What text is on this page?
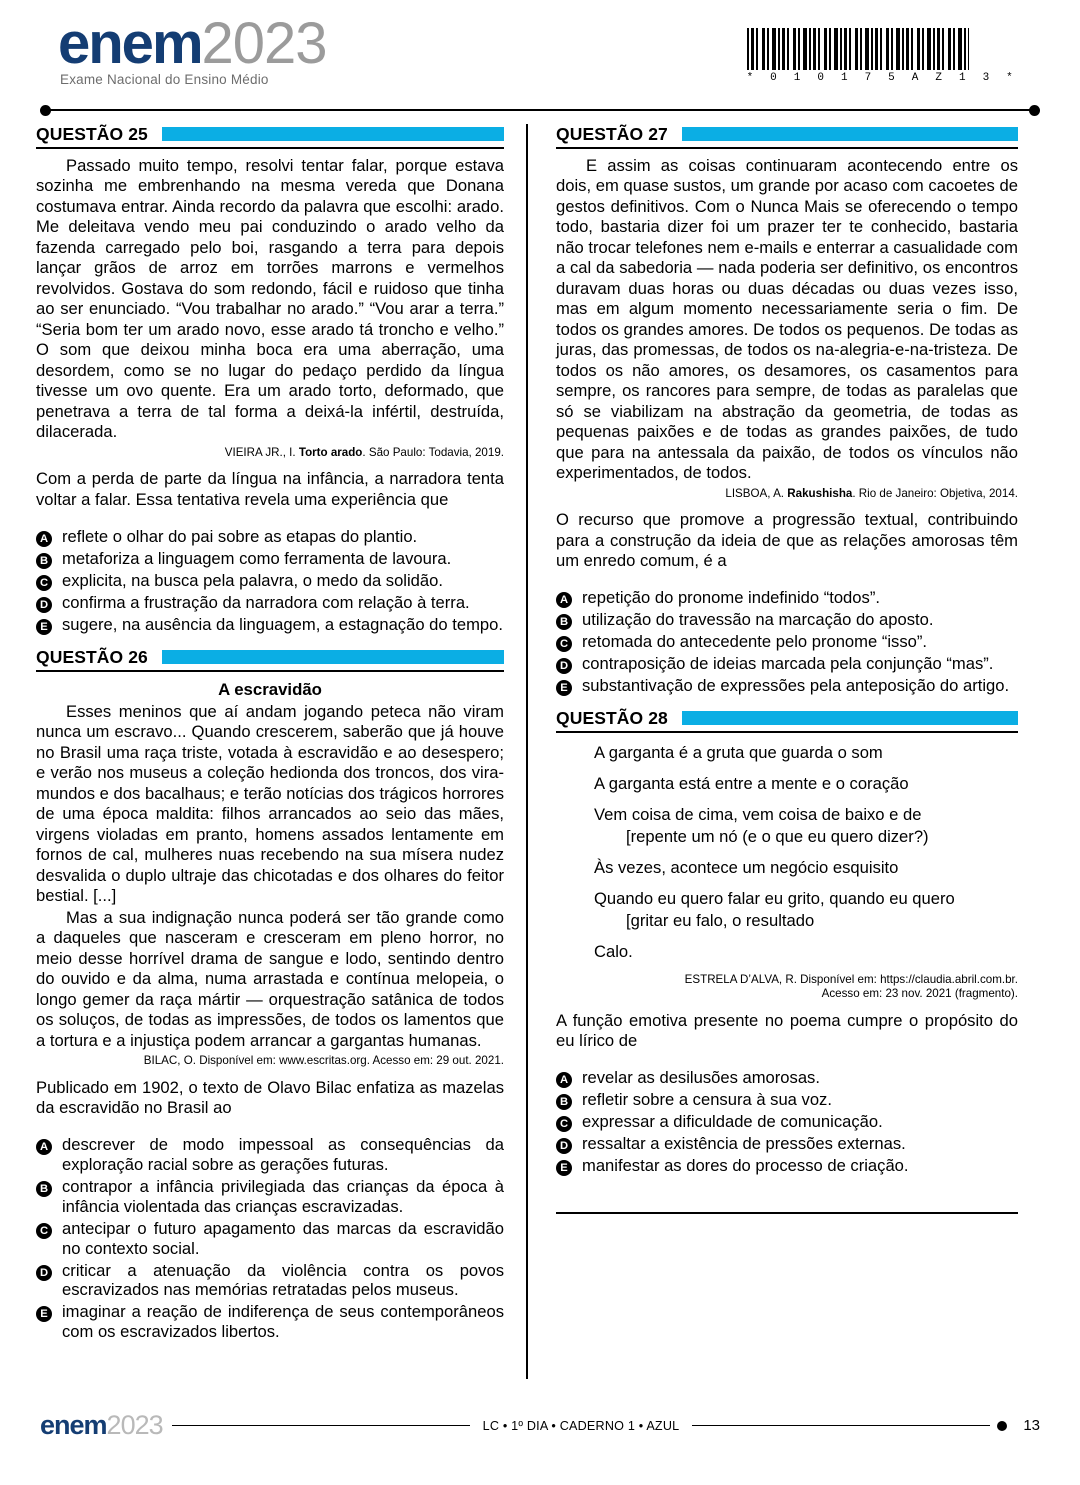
enem2023
Exame Nacional do Ensino Médio	* 0 1 0 1 7 5 A Z 1 3 *
QUESTÃO 25

Passado muito tempo, resolvi tentar falar, porque estava sozinha me embrenhando na mesma vereda que Donana costumava entrar. Ainda recordo da palavra que escolhi: arado. Me deleitava vendo meu pai conduzindo o arado velho da fazenda carregado pelo boi, rasgando a terra para depois lançar grãos de arroz em torrões marrons e vermelhos revolvidos. Gostava do som redondo, fácil e ruidoso que tinha ao ser enunciado. “Vou trabalhar no arado.” “Vou arar a terra.” “Seria bom ter um arado novo, esse arado tá troncho e velho.” O som que deixou minha boca era uma aberração, uma desordem, como se no lugar do pedaço perdido da língua tivesse um ovo quente. Era um arado torto, deformado, que penetrava a terra de tal forma a deixá-la infértil, destruída, dilacerada.

VIEIRA JR., I. Torto arado. São Paulo: Todavia, 2019.

Com a perda de parte da língua na infância, a narradora tenta voltar a falar. Essa tentativa revela uma experiência que

A reflete o olhar do pai sobre as etapas do plantio.
B metaforiza a linguagem como ferramenta de lavoura.
C explicita, na busca pela palavra, o medo da solidão.
D confirma a frustração da narradora com relação à terra.
E sugere, na ausência da linguagem, a estagnação do tempo.
QUESTÃO 26
A escravidão

Esses meninos que aí andam jogando peteca não viram nunca um escravo... Quando crescerem, saberão que já houve no Brasil uma raça triste, votada à escravidão e ao desespero; e verão nos museus a coleção hedionda dos troncos, dos vira-mundos e dos bacalhaus; e terão notícias dos trágicos horrores de uma época maldita: filhos arrancados ao seio das mães, virgens violadas em pranto, homens assados lentamente em fornos de cal, mulheres nuas recebendo na sua mísera nudez desvalida o duplo ultraje das chicotadas e dos olhares do feitor bestial. [...]

Mas a sua indignação nunca poderá ser tão grande como a daqueles que nasceram e cresceram em pleno horror, no meio desse horrível drama de sangue e lodo, sentindo dentro do ouvido e da alma, numa arrastada e contínua melopeia, o longo gemer da raça mártir — orquestração satânica de todos os soluços, de todas as impressões, de todos os lamentos que a tortura e a injustiça podem arrancar a gargantas humanas.

BILAC, O. Disponível em: www.escritas.org. Acesso em: 29 out. 2021.

Publicado em 1902, o texto de Olavo Bilac enfatiza as mazelas da escravidão no Brasil ao

A descrever de modo impessoal as consequências da exploração racial sobre as gerações futuras.
B contrapor a infância privilegiada das crianças da época à infância violentada das crianças escravizadas.
C antecipar o futuro apagamento das marcas da escravidão no contexto social.
D criticar a atenuação da violência contra os povos escravizados nas memórias retratadas pelos museus.
E imaginar a reação de indiferença de seus contemporâneos com os escravizados libertos.
QUESTÃO 27

E assim as coisas continuaram acontecendo entre os dois, em quase sustos, um grande por acaso com cacoetes de gestos definitivos. Com o Nunca Mais se oferecendo o tempo todo, bastaria dizer foi um prazer ter te conhecido, bastaria não trocar telefones nem e-mails e enterrar a casualidade com a cal da sabedoria — nada poderia ser definitivo, os encontros duravam duas horas ou duas décadas ou duas vezes isso, mas em algum momento necessariamente seria o fim. De todos os grandes amores. De todos os pequenos. De todas as juras, das promessas, de todos os na-alegria-e-na-tristeza. De todos os não amores, os desamores, os casamentos para sempre, os rancores para sempre, de todas as paralelas que só se viabilizam na abstração da geometria, de todas as pequenas paixões e de todas as grandes paixões, de tudo que para na antessala da paixão, de todos os vínculos não experimentados, de todos.

LISBOA, A. Rakushisha. Rio de Janeiro: Objetiva, 2014.

O recurso que promove a progressão textual, contribuindo para a construção da ideia de que as relações amorosas têm um enredo comum, é a

A repetição do pronome indefinido “todos”.
B utilização do travessão na marcação do aposto.
C retomada do antecedente pelo pronome “isso”.
D contraposição de ideias marcada pela conjunção “mas”.
E substantivação de expressões pela anteposição do artigo.
QUESTÃO 28
A garganta é a gruta que guarda o som
A garganta está entre a mente e o coração
Vem coisa de cima, vem coisa de baixo e de
[repente um nó (e o que eu quero dizer?)
Às vezes, acontece um negócio esquisito
Quando eu quero falar eu grito, quando eu quero
[gritar eu falo, o resultado
Calo.
ESTRELA D’ALVA, R. Disponível em: https://claudia.abril.com.br.
Acesso em: 23 nov. 2021 (fragmento).

A função emotiva presente no poema cumpre o propósito do eu lírico de

A revelar as desilusões amorosas.
B refletir sobre a censura à sua voz.
C expressar a dificuldade de comunicação.
D ressaltar a existência de pressões externas.
E manifestar as dores do processo de criação.
enem2023	LC • 1º DIA • CADERNO 1 • AZUL	13
